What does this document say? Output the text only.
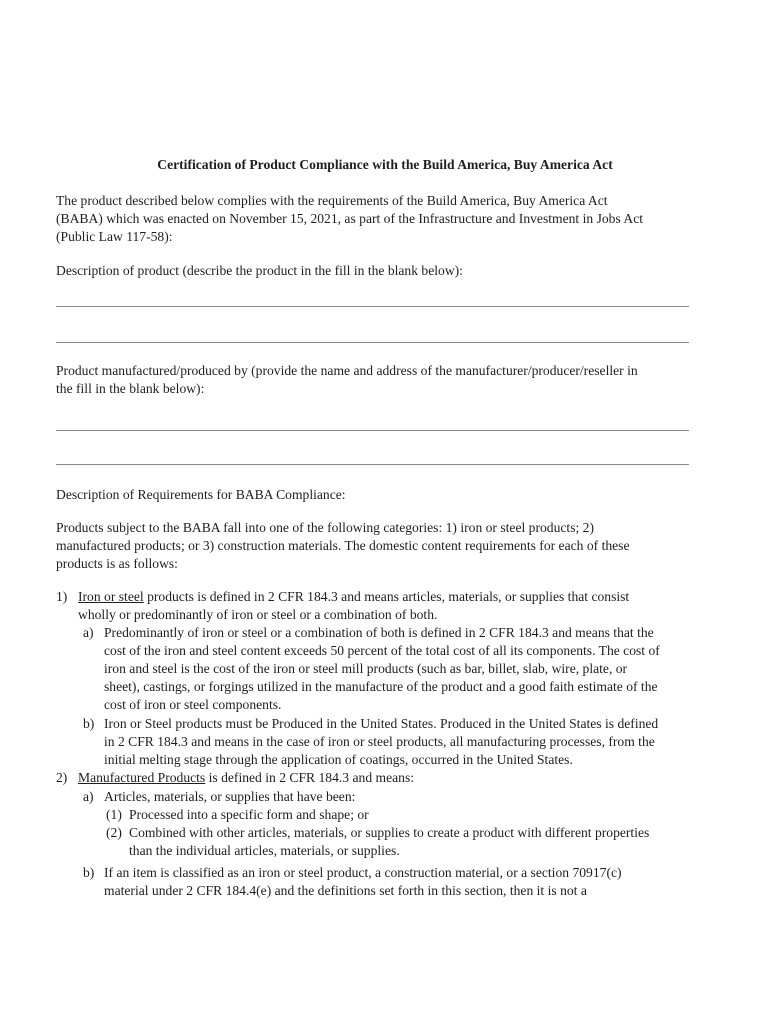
Certification of Product Compliance with the Build America, Buy America Act
The product described below complies with the requirements of the Build America, Buy America Act
(BABA) which was enacted on November 15, 2021, as part of the Infrastructure and Investment in Jobs Act
(Public Law 117-58):
Description of product (describe the product in the fill in the blank below):
Product manufactured/produced by (provide the name and address of the manufacturer/producer/reseller in
the fill in the blank below):
Description of Requirements for BABA Compliance:
Products subject to the BABA fall into one of the following categories: 1) iron or steel products; 2)
manufactured products; or 3) construction materials. The domestic content requirements for each of these
products is as follows:
1) Iron or steel products is defined in 2 CFR 184.3 and means articles, materials, or supplies that consist
wholly or predominantly of iron or steel or a combination of both.
a) Predominantly of iron or steel or a combination of both is defined in 2 CFR 184.3 and means that the
cost of the iron and steel content exceeds 50 percent of the total cost of all its components. The cost of
iron and steel is the cost of the iron or steel mill products (such as bar, billet, slab, wire, plate, or
sheet), castings, or forgings utilized in the manufacture of the product and a good faith estimate of the
cost of iron or steel components.
b) Iron or Steel products must be Produced in the United States. Produced in the United States is defined
in 2 CFR 184.3 and means in the case of iron or steel products, all manufacturing processes, from the
initial melting stage through the application of coatings, occurred in the United States.
2) Manufactured Products is defined in 2 CFR 184.3 and means:
a) Articles, materials, or supplies that have been:
(1) Processed into a specific form and shape; or
(2) Combined with other articles, materials, or supplies to create a product with different properties
than the individual articles, materials, or supplies.
b) If an item is classified as an iron or steel product, a construction material, or a section 70917(c)
material under 2 CFR 184.4(e) and the definitions set forth in this section, then it is not a
